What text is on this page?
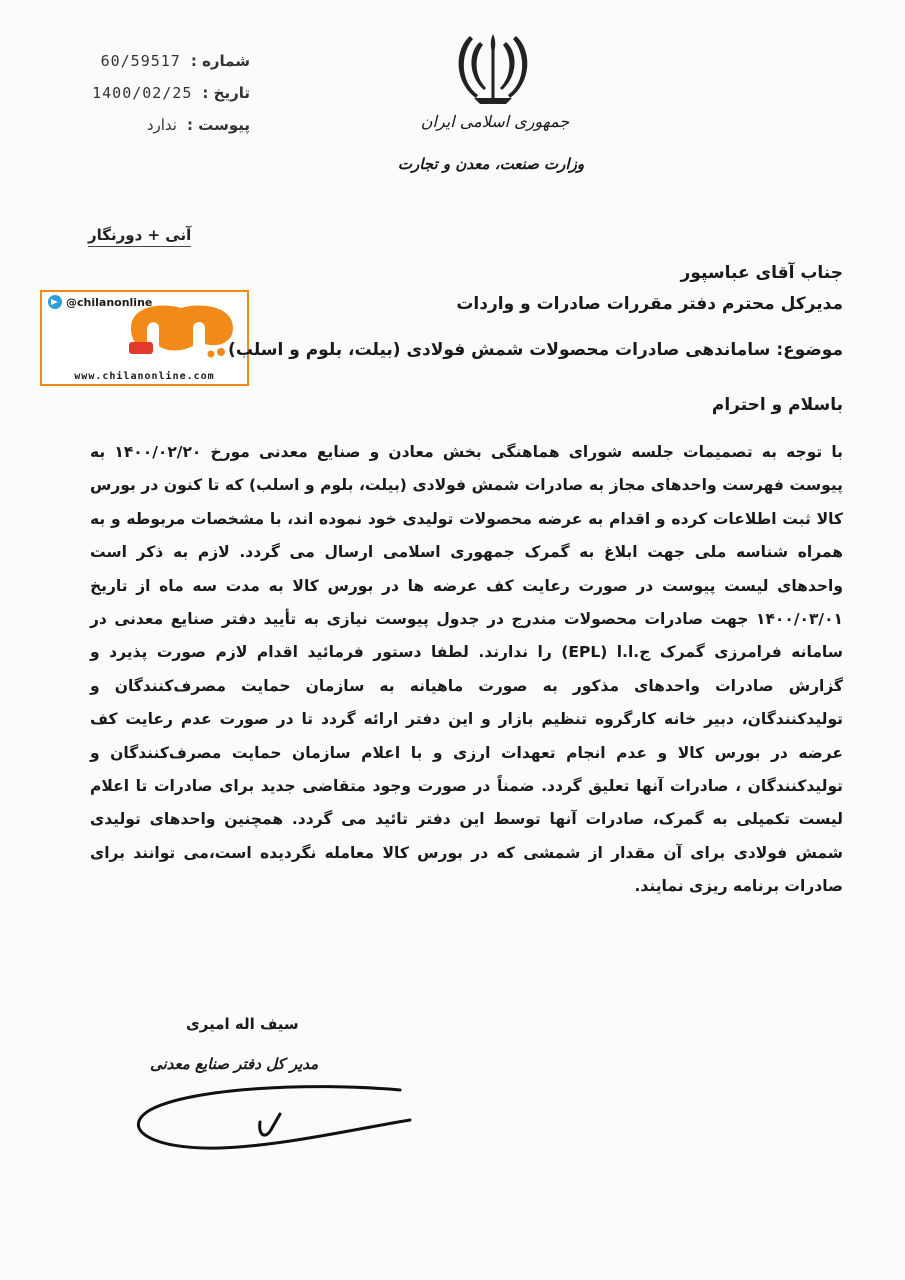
شماره :
60/59517
تاریخ :
1400/02/25
پیوست :
ندارد
آنی + دورنگار
جمهوری اسلامی ایران
وزارت صنعت، معدن و تجارت
@chilanonline
www.chilanonline.com
جناب آقای عباسپور
مدیرکل محترم دفتر مقررات صادرات و واردات
موضوع: ساماندهی صادرات محصولات شمش فولادی (بیلت، بلوم و اسلب)
باسلام و احترام
با توجه به تصمیمات جلسه شورای هماهنگی بخش معادن و صنایع معدنی مورخ ۱۴۰۰/۰۲/۲۰ به پیوست فهرست واحدهای مجاز به صادرات شمش فولادی (بیلت، بلوم و اسلب) که تا کنون در بورس کالا ثبت اطلاعات کرده و اقدام به عرضه محصولات تولیدی خود نموده اند، با مشخصات مربوطه و به همراه شناسه ملی جهت ابلاغ به گمرک جمهوری اسلامی ارسال می گردد. لازم به ذکر است واحدهای لیست پیوست در صورت رعایت کف عرضه ها در بورس کالا به مدت سه ماه از تاریخ ۱۴۰۰/۰۳/۰۱ جهت صادرات محصولات مندرج در جدول پیوست نیازی به تأیید دفتر صنایع معدنی در سامانه فرامرزی گمرک ج.ا.ا (EPL) را ندارند. لطفا دستور فرمائید اقدام لازم صورت پذیرد و گزارش صادرات واحدهای مذکور به صورت ماهیانه به سازمان حمایت مصرف‌کنندگان و تولیدکنندگان، دبیر خانه کارگروه تنظیم بازار و این دفتر ارائه گردد تا در صورت عدم رعایت کف عرضه در بورس کالا و عدم انجام تعهدات ارزی و با اعلام سازمان حمایت مصرف‌کنندگان و تولیدکنندگان ، صادرات آنها تعلیق گردد. ضمناً در صورت وجود متقاضی جدید برای صادرات تا اعلام لیست تکمیلی به گمرک، صادرات آنها توسط این دفتر تائید می گردد. همچنین واحدهای تولیدی شمش فولادی برای آن مقدار از شمشی که در بورس کالا معامله نگردیده است،می توانند برای صادرات برنامه ریزی نمایند.
سیف اله امیری
مدیر کل دفتر صنایع معدنی
